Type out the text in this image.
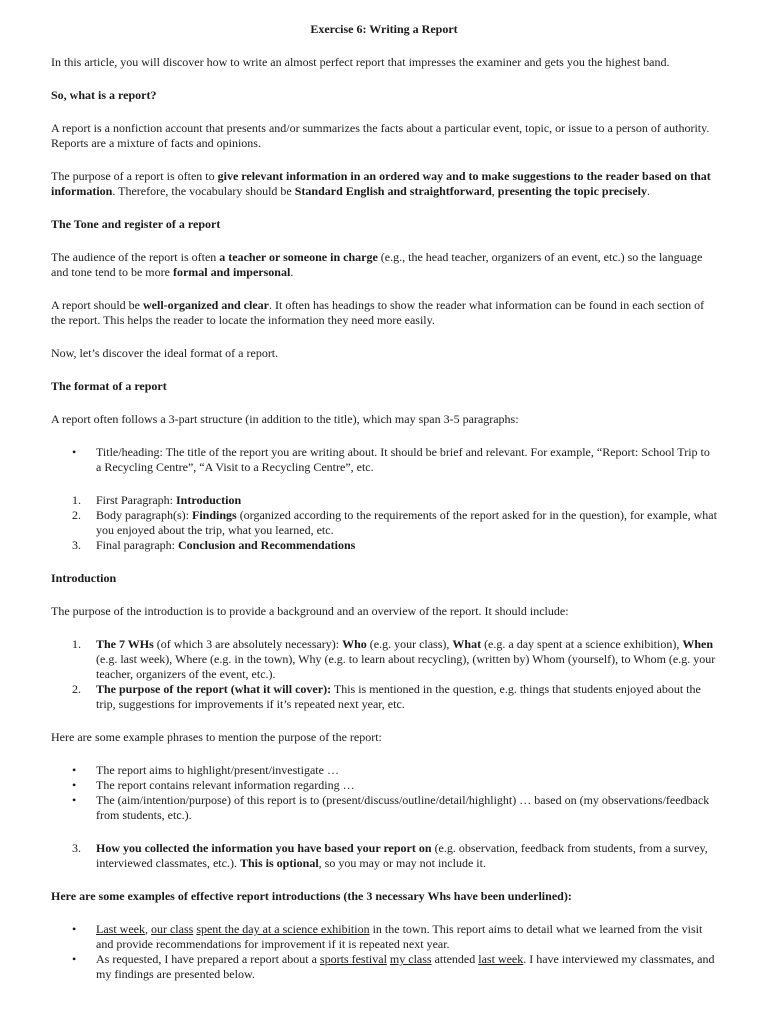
Exercise 6: Writing a Report

In this article, you will discover how to write an almost perfect report that impresses the examiner and gets you the highest band.

So, what is a report?

A report is a nonfiction account that presents and/or summarizes the facts about a particular event, topic, or issue to a person of authority. Reports are a mixture of facts and opinions.

The purpose of a report is often to give relevant information in an ordered way and to make suggestions to the reader based on that information. Therefore, the vocabulary should be Standard English and straightforward, presenting the topic precisely.

The Tone and register of a report

The audience of the report is often a teacher or someone in charge (e.g., the head teacher, organizers of an event, etc.) so the language and tone tend to be more formal and impersonal.

A report should be well-organized and clear. It often has headings to show the reader what information can be found in each section of the report. This helps the reader to locate the information they need more easily.

Now, let’s discover the ideal format of a report.

The format of a report

A report often follows a 3-part structure (in addition to the title), which may span 3-5 paragraphs:

•	Title/heading: The title of the report you are writing about. It should be brief and relevant. For example, “Report: School Trip to a Recycling Centre”, “A Visit to a Recycling Centre”, etc.
1.	First Paragraph: Introduction
2.	Body paragraph(s): Findings (organized according to the requirements of the report asked for in the question), for example, what you enjoyed about the trip, what you learned, etc.
3.	Final paragraph: Conclusion and Recommendations

Introduction

The purpose of the introduction is to provide a background and an overview of the report. It should include:

1.	The 7 WHs (of which 3 are absolutely necessary): Who (e.g. your class), What (e.g. a day spent at a science exhibition), When (e.g. last week), Where (e.g. in the town), Why (e.g. to learn about recycling), (written by) Whom (yourself), to Whom (e.g. your teacher, organizers of the event, etc.).
2.	The purpose of the report (what it will cover): This is mentioned in the question, e.g. things that students enjoyed about the trip, suggestions for improvements if it’s repeated next year, etc.

Here are some example phrases to mention the purpose of the report:

•	The report aims to highlight/present/investigate …
•	The report contains relevant information regarding …
•	The (aim/intention/purpose) of this report is to (present/discuss/outline/detail/highlight) … based on (my observations/feedback from students, etc.).
3.	How you collected the information you have based your report on (e.g. observation, feedback from students, from a survey, interviewed classmates, etc.). This is optional, so you may or may not include it.

Here are some examples of effective report introductions (the 3 necessary Whs have been underlined):

•	Last week, our class spent the day at a science exhibition in the town. This report aims to detail what we learned from the visit and provide recommendations for improvement if it is repeated next year.
•	As requested, I have prepared a report about a sports festival my class attended last week. I have interviewed my classmates, and my findings are presented below.
